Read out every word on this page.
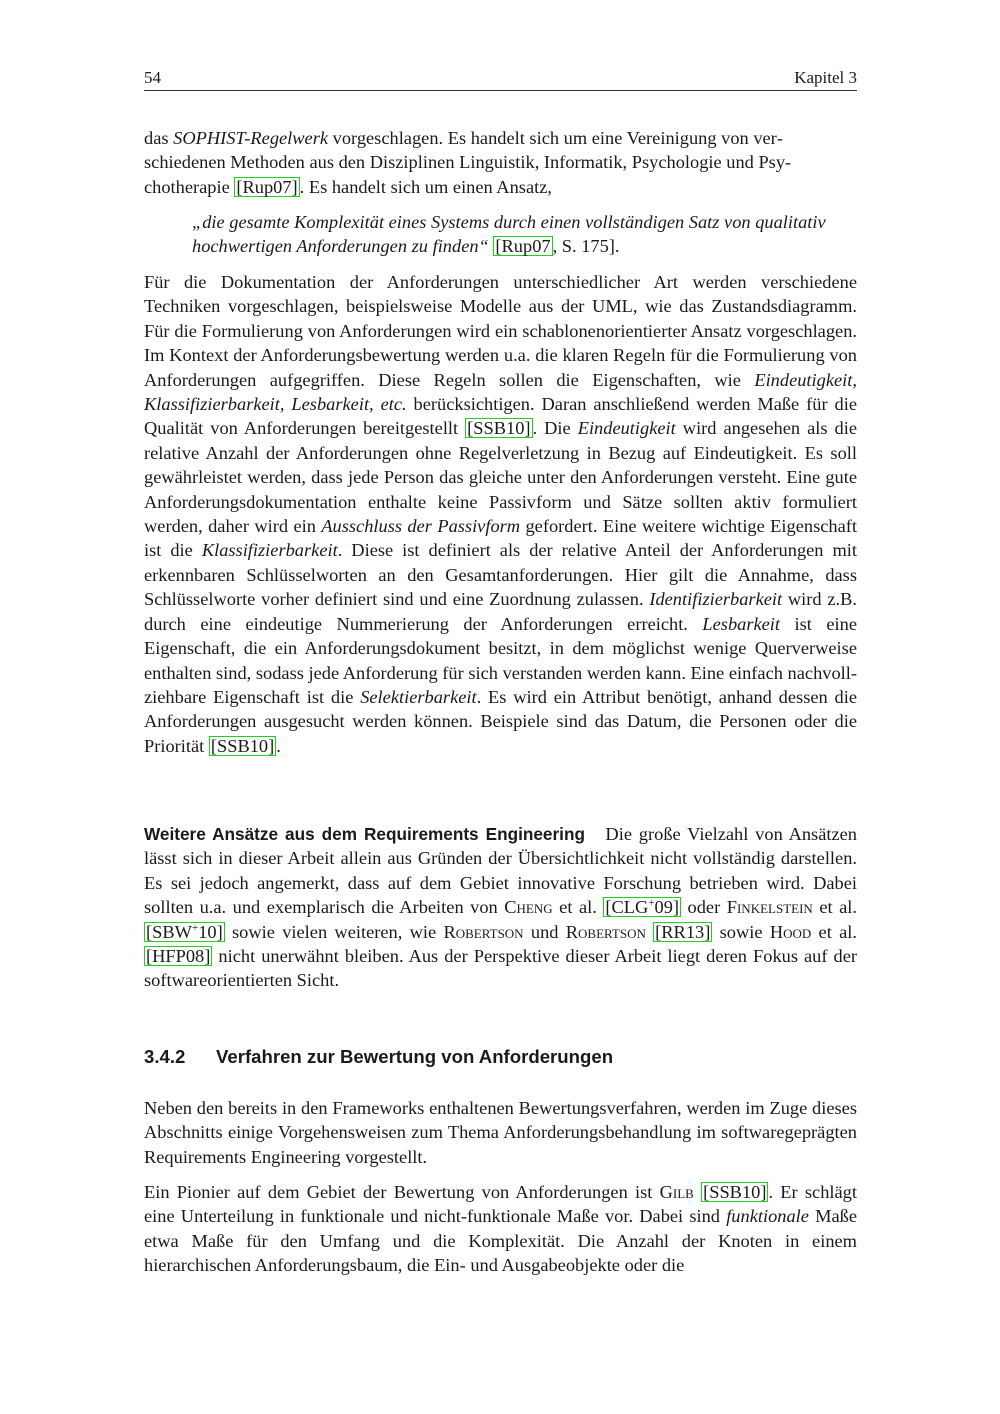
54	Kapitel 3

das SOPHIST-Regelwerk vorgeschlagen. Es handelt sich um eine Vereinigung von verschiedenen Methoden aus den Disziplinen Linguistik, Informatik, Psychologie und Psychotherapie [Rup07] . Es handelt sich um einen Ansatz,

„die gesamte Komplexität eines Systems durch einen vollständigen Satz von qualitativ hochwertigen Anforderungen zu finden“ [Rup07 , S. 175].

Für die Dokumentation der Anforderungen unterschiedlicher Art werden verschiedene Techniken vorgeschlagen, beispielsweise Modelle aus der UML, wie das Zustandsdiagramm. Für die Formulierung von Anforderungen wird ein schablonenorientierter Ansatz vorgeschlagen. Im Kontext der Anforderungsbewertung werden u.a. die klaren Regeln für die Formulierung von Anforderungen aufgegriffen. Diese Regeln sollen die Eigenschaften, wie Eindeutigkeit, Klassifizierbarkeit, Lesbarkeit, etc. berücksichtigen. Daran anschließend werden Maße für die Qualität von Anforderungen bereitgestellt [SSB10] . Die Eindeutigkeit wird angesehen als die relative Anzahl der Anforderungen ohne Regelverletzung in Bezug auf Eindeutigkeit. Es soll gewährleistet werden, dass jede Person das gleiche unter den Anforderungen versteht. Eine gute Anforderungsdokumentation enthalte keine Passivform und Sätze sollten aktiv formuliert werden, daher wird ein Ausschluss der Passivform gefordert. Eine weitere wichtige Eigenschaft ist die Klassifizierbarkeit. Diese ist definiert als der relative Anteil der Anforderungen mit erkennbaren Schlüsselworten an den Gesamtanforderungen. Hier gilt die Annahme, dass Schlüsselworte vorher definiert sind und eine Zuordnung zulassen. Identifizierbarkeit wird z.B. durch eine eindeutige Nummerierung der Anforderungen erreicht. Lesbarkeit ist eine Eigenschaft, die ein Anforderungsdokument besitzt, in dem möglichst wenige Querverweise enthalten sind, sodass jede Anforderung für sich verstanden werden kann. Eine einfach nachvollziehbare Eigenschaft ist die Selektierbarkeit. Es wird ein Attribut benötigt, anhand dessen die Anforderungen ausgesucht werden können. Beispiele sind das Datum, die Personen oder die Priorität [SSB10] .

Weitere Ansätze aus dem Requirements Engineering Die große Vielzahl von Ansätzen lässt sich in dieser Arbeit allein aus Gründen der Übersichtlichkeit nicht vollständig darstellen. Es sei jedoch angemerkt, dass auf dem Gebiet innovative Forschung betrieben wird. Dabei sollten u.a. und exemplarisch die Arbeiten von Cheng et al. [CLG+09] oder Finkelstein et al. [SBW+10] sowie vielen weiteren, wie Robertson und Robertson [RR13] sowie Hood et al. [HFP08] nicht unerwähnt bleiben. Aus der Perspektive dieser Arbeit liegt deren Fokus auf der softwareorientierten Sicht.

3.4.2 Verfahren zur Bewertung von Anforderungen

Neben den bereits in den Frameworks enthaltenen Bewertungsverfahren, werden im Zuge dieses Abschnitts einige Vorgehensweisen zum Thema Anforderungsbehandlung im softwaregeprägten Requirements Engineering vorgestellt.

Ein Pionier auf dem Gebiet der Bewertung von Anforderungen ist Gilb [SSB10] . Er schlägt eine Unterteilung in funktionale und nicht-funktionale Maße vor. Dabei sind funktionale Maße etwa Maße für den Umfang und die Komplexität. Die Anzahl der Knoten in einem hierarchischen Anforderungsbaum, die Ein- und Ausgabeobjekte oder die
